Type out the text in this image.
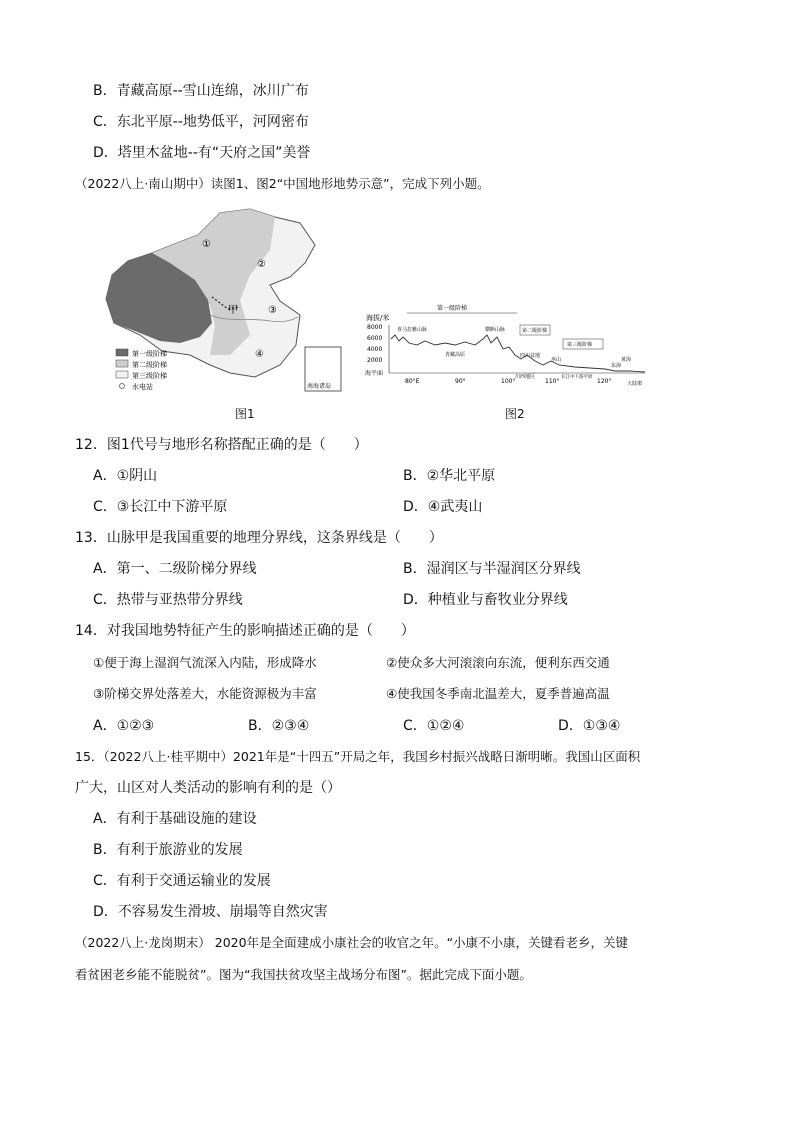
B．青藏高原--雪山连绵，冰川广布
C．东北平原--地势低平，河网密布
D．塔里木盆地--有“天府之国”美誉
（2022八上·南山期中）读图1、图2“中国地形地势示意”，完成下列小题。
①
②
③
④
甲
第一级阶梯
第二级阶梯
第三级阶梯
水电站	南海诸岛
图1
海拔/米
8000
6000
4000
2000
海平面
第一级阶梯
第二级阶梯
第三级阶梯
喜马拉雅山脉	横断山脉
青藏高原	四川盆地
川西地区
巫山
长江中下游平原
东海
黄海
大陆架
80°E	90°	100°	110°	120°
图2
12．图1代号与地形名称搭配正确的是（　　）
A．①阴山	B．②华北平原
C．③长江中下游平原	D．④武夷山
13．山脉甲是我国重要的地理分界线，这条界线是（　　）
A．第一、二级阶梯分界线	B．湿润区与半湿润区分界线
C．热带与亚热带分界线	D．种植业与畜牧业分界线
14．对我国地势特征产生的影响描述正确的是（　　）
①便于海上湿润气流深入内陆，形成降水	②使众多大河滚滚向东流，便利东西交通
③阶梯交界处落差大，水能资源极为丰富	④使我国冬季南北温差大，夏季普遍高温
A．①②③	B．②③④	C．①②④	D．①③④
15．（2022八上·桂平期中）2021年是“十四五”开局之年，我国乡村振兴战略日渐明晰。我国山区面积
广大，山区对人类活动的影响有利的是（）
A．有利于基础设施的建设
B．有利于旅游业的发展
C．有利于交通运输业的发展
D．不容易发生滑坡、崩塌等自然灾害
（2022八上·龙岗期末） 2020年是全面建成小康社会的收官之年。“小康不小康，关键看老乡，关键
看贫困老乡能不能脱贫”。图为“我国扶贫攻坚主战场分布图”。据此完成下面小题。
